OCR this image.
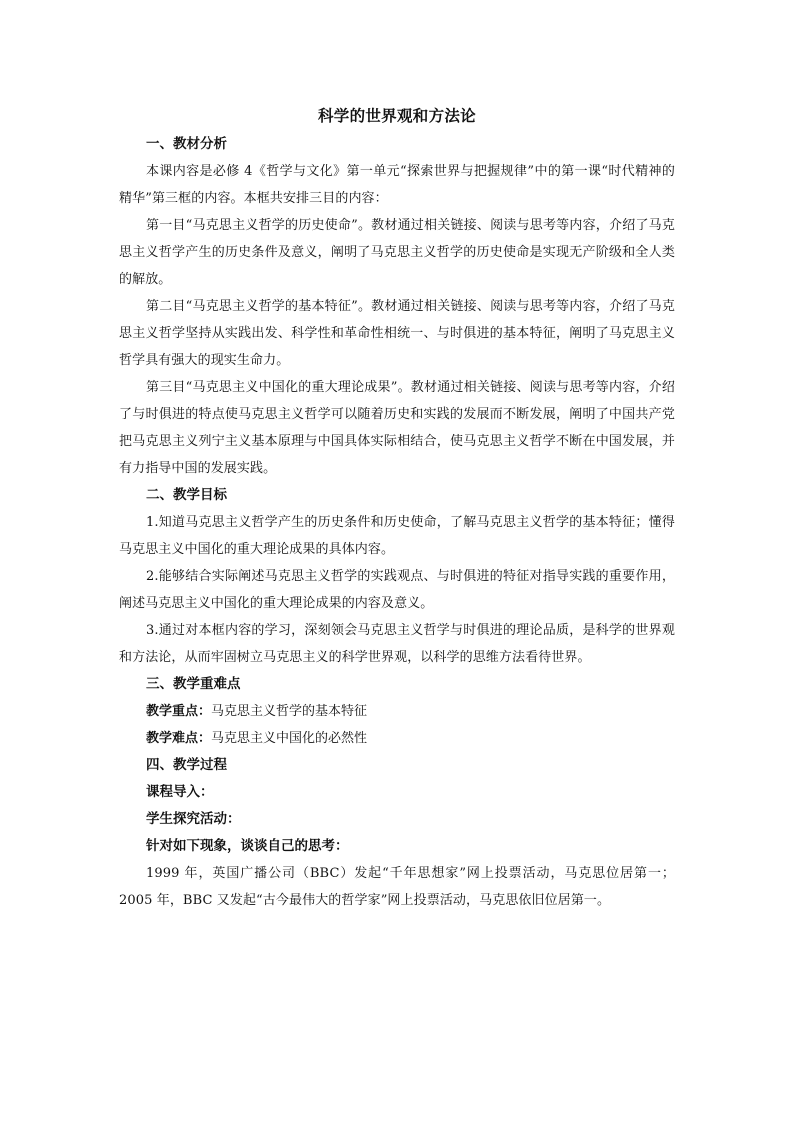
科学的世界观和方法论
一、教材分析

本课内容是必修 4《哲学与文化》第一单元“探索世界与把握规律”中的第一课“时代精神的精华”第三框的内容。本框共安排三目的内容：

第一目“马克思主义哲学的历史使命”。教材通过相关链接、阅读与思考等内容，介绍了马克思主义哲学产生的历史条件及意义，阐明了马克思主义哲学的历史使命是实现无产阶级和全人类的解放。

第二目“马克思主义哲学的基本特征”。教材通过相关链接、阅读与思考等内容，介绍了马克思主义哲学坚持从实践出发、科学性和革命性相统一、与时俱进的基本特征，阐明了马克思主义哲学具有强大的现实生命力。

第三目“马克思主义中国化的重大理论成果”。教材通过相关链接、阅读与思考等内容，介绍了与时俱进的特点使马克思主义哲学可以随着历史和实践的发展而不断发展，阐明了中国共产党把马克思主义列宁主义基本原理与中国具体实际相结合，使马克思主义哲学不断在中国发展，并有力指导中国的发展实践。

二、教学目标

1.知道马克思主义哲学产生的历史条件和历史使命，了解马克思主义哲学的基本特征；懂得马克思主义中国化的重大理论成果的具体内容。

2.能够结合实际阐述马克思主义哲学的实践观点、与时俱进的特征对指导实践的重要作用，阐述马克思主义中国化的重大理论成果的内容及意义。

3.通过对本框内容的学习，深刻领会马克思主义哲学与时俱进的理论品质，是科学的世界观和方法论，从而牢固树立马克思主义的科学世界观，以科学的思维方法看待世界。

三、教学重难点
教学重点：马克思主义哲学的基本特征
教学难点：马克思主义中国化的必然性
四、教学过程
课程导入：
学生探究活动：
针对如下现象，谈谈自己的思考：

1999 年，英国广播公司（BBC）发起“千年思想家”网上投票活动，马克思位居第一；2005 年，BBC 又发起“古今最伟大的哲学家”网上投票活动，马克思依旧位居第一。
